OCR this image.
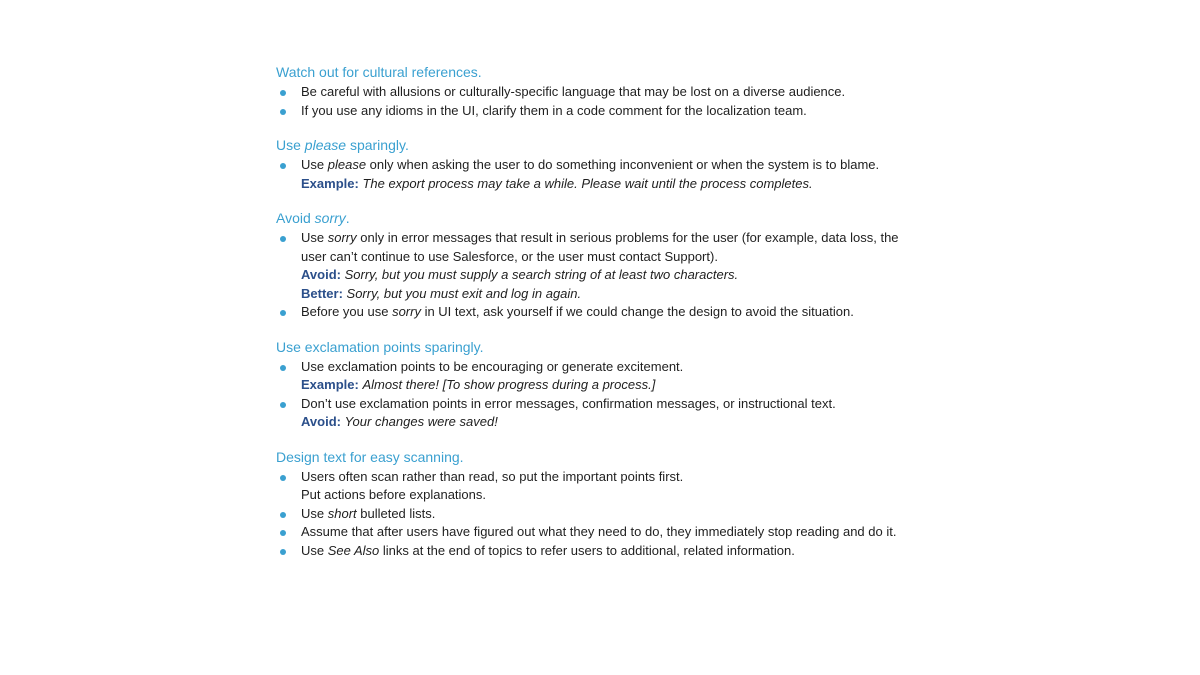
Watch out for cultural references.
Be careful with allusions or culturally-specific language that may be lost on a diverse audience.
If you use any idioms in the UI, clarify them in a code comment for the localization team.
Use please sparingly.
Use please only when asking the user to do something inconvenient or when the system is to blame.
Example: The export process may take a while. Please wait until the process completes.
Avoid sorry.
Use sorry only in error messages that result in serious problems for the user (for example, data loss, the user can’t continue to use Salesforce, or the user must contact Support).
Avoid: Sorry, but you must supply a search string of at least two characters.
Better: Sorry, but you must exit and log in again.
Before you use sorry in UI text, ask yourself if we could change the design to avoid the situation.
Use exclamation points sparingly.
Use exclamation points to be encouraging or generate excitement.
Example: Almost there! [To show progress during a process.]
Don’t use exclamation points in error messages, confirmation messages, or instructional text.
Avoid: Your changes were saved!
Design text for easy scanning.
Users often scan rather than read, so put the important points first.
Put actions before explanations.
Use short bulleted lists.
Assume that after users have figured out what they need to do, they immediately stop reading and do it.
Use See Also links at the end of topics to refer users to additional, related information.
